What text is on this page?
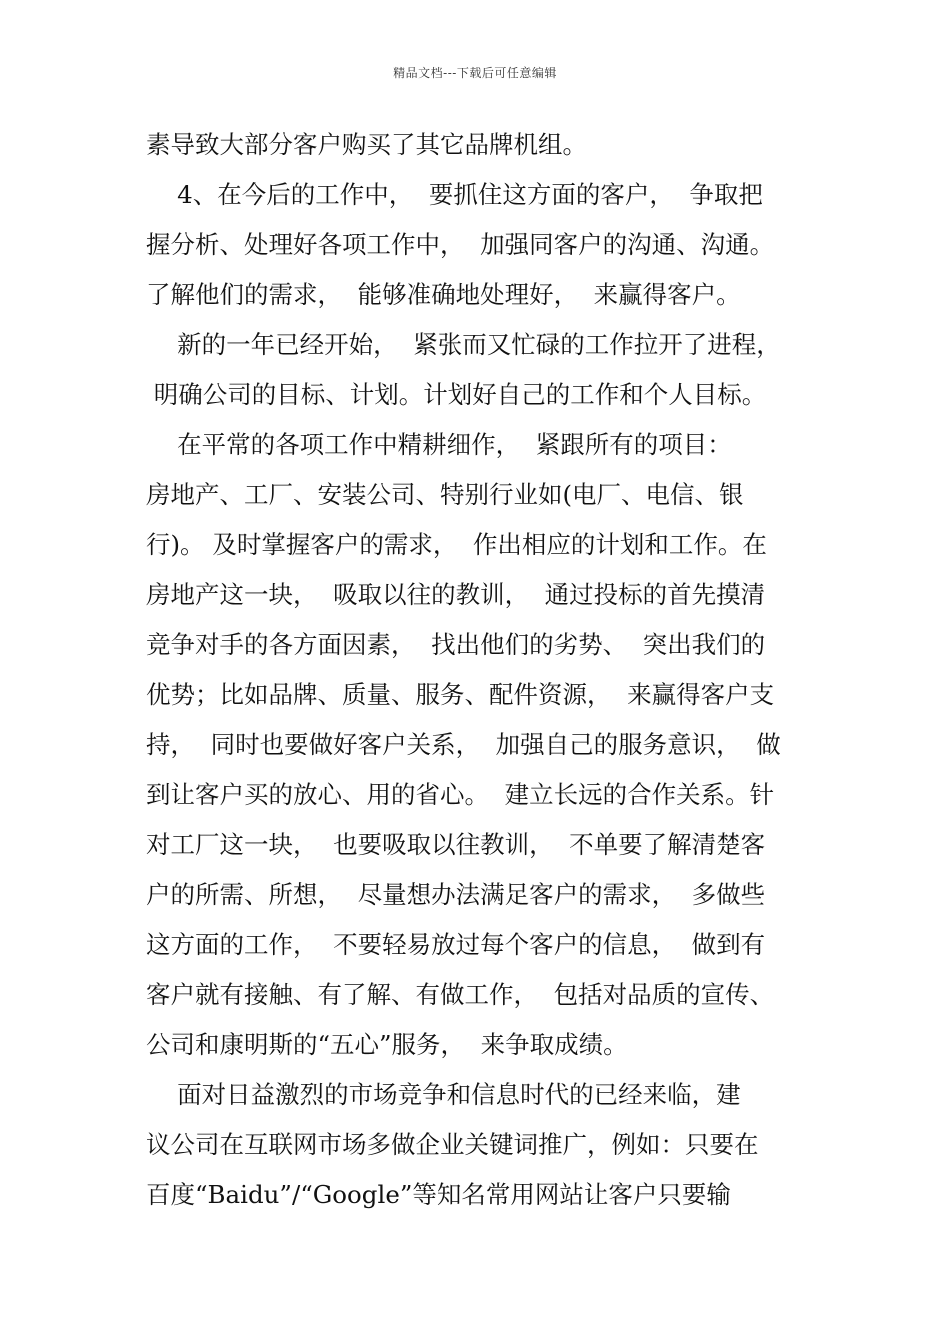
精品文档---下载后可任意编辑
素导致大部分客户购买了其它品牌机组。
4、在今后的工作中，  要抓住这方面的客户，  争取把
握分析、处理好各项工作中，  加强同客户的沟通、沟通。
了解他们的需求，  能够准确地处理好，  来赢得客户。
新的一年已经开始，  紧张而又忙碌的工作拉开了进程，
明确公司的目标、计划。计划好自己的工作和个人目标。
在平常的各项工作中精耕细作，  紧跟所有的项目：
房地产、工厂、安装公司、特别行业如(电厂、电信、银
行)。 及时掌握客户的需求，  作出相应的计划和工作。在
房地产这一块，  吸取以往的教训，  通过投标的首先摸清
竞争对手的各方面因素，  找出他们的劣势、  突出我们的
优势；比如品牌、质量、服务、配件资源，  来赢得客户支
持，  同时也要做好客户关系，  加强自己的服务意识，  做
到让客户买的放心、用的省心。  建立长远的合作关系。针
对工厂这一块，  也要吸取以往教训，  不单要了解清楚客
户的所需、所想，  尽量想办法满足客户的需求，  多做些
这方面的工作，  不要轻易放过每个客户的信息，  做到有
客户就有接触、有了解、有做工作，  包括对品质的宣传、
公司和康明斯的“五心”服务，  来争取成绩。
面对日益激烈的市场竞争和信息时代的已经来临，建
议公司在互联网市场多做企业关键词推广，例如：只要在
百度“Baidu”/“Google”等知名常用网站让客户只要输
